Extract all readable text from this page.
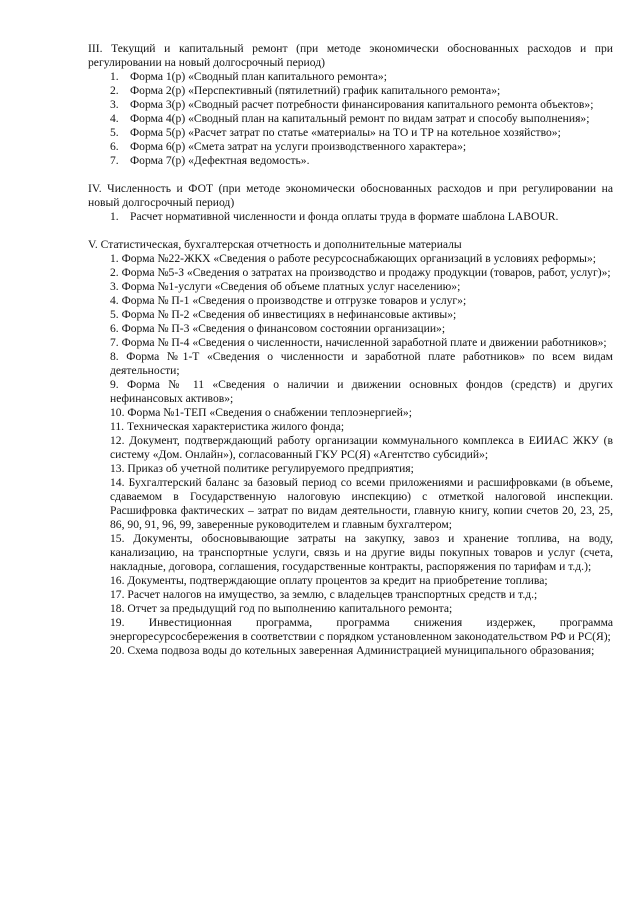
III. Текущий и капитальный ремонт (при методе экономически обоснованных расходов и при регулировании на новый долгосрочный период)

1. Форма 1(р) «Сводный план капитального ремонта»;
2. Форма 2(р) «Перспективный (пятилетний) график капитального ремонта»;
3. Форма 3(р) «Сводный расчет потребности финансирования капитального ремонта объектов»;
4. Форма 4(р) «Сводный план на капитальный ремонт по видам затрат и способу выполнения»;
5. Форма 5(р) «Расчет затрат по статье «материалы» на ТО и ТР на котельное хозяйство»;
6. Форма 6(р) «Смета затрат на услуги производственного характера»;
7. Форма 7(р) «Дефектная ведомость».

IV. Численность и ФОТ (при методе экономически обоснованных расходов и при регулировании на новый долгосрочный период)

1. Расчет нормативной численности и фонда оплаты труда в формате шаблона LABOUR.

V. Статистическая, бухгалтерская отчетность и дополнительные материалы

1. Форма №22-ЖКХ «Сведения о работе ресурсоснабжающих организаций в условиях реформы»;

2. Форма №5-З «Сведения о затратах на производство и продажу продукции (товаров, работ, услуг)»;

3. Форма №1-услуги «Сведения об объеме платных услуг населению»;

4. Форма № П-1 «Сведения о производстве и отгрузке товаров и услуг»;

5. Форма № П-2 «Сведения об инвестициях в нефинансовые активы»;

6. Форма № П-3 «Сведения о финансовом состоянии организации»;

7. Форма № П-4 «Сведения о численности, начисленной заработной плате и движении работников»;

8. Форма №1-Т «Сведения о численности и заработной плате работников» по всем видам деятельности;

9. Форма № 11 «Сведения о наличии и движении основных фондов (средств) и других нефинансовых активов»;

10. Форма №1-ТЕП «Сведения о снабжении теплоэнергией»;

11. Техническая характеристика жилого фонда;

12. Документ, подтверждающий работу организации коммунального комплекса в ЕИИАС ЖКУ (в систему «Дом. Онлайн»), согласованный ГКУ РС(Я) «Агентство субсидий»;

13. Приказ об учетной политике регулируемого предприятия;

14. Бухгалтерский баланс за базовый период со всеми приложениями и расшифровками (в объеме, сдаваемом в Государственную налоговую инспекцию) с отметкой налоговой инспекции. Расшифровка фактических – затрат по видам деятельности, главную книгу, копии счетов 20, 23, 25, 86, 90, 91, 96, 99, заверенные руководителем и главным бухгалтером;

15. Документы, обосновывающие затраты на закупку, завоз и хранение топлива, на воду, канализацию, на транспортные услуги, связь и на другие виды покупных товаров и услуг (счета, накладные, договора, соглашения, государственные контракты, распоряжения по тарифам и т.д.);

16. Документы, подтверждающие оплату процентов за кредит на приобретение топлива;

17. Расчет налогов на имущество, за землю, с владельцев транспортных средств и т.д.;

18. Отчет за предыдущий год по выполнению капитального ремонта;

19. Инвестиционная программа, программа снижения издержек, программа энергоресурсосбережения в соответствии с порядком установленном законодательством РФ и РС(Я);

20. Схема подвоза воды до котельных заверенная Администрацией муниципального образования;
